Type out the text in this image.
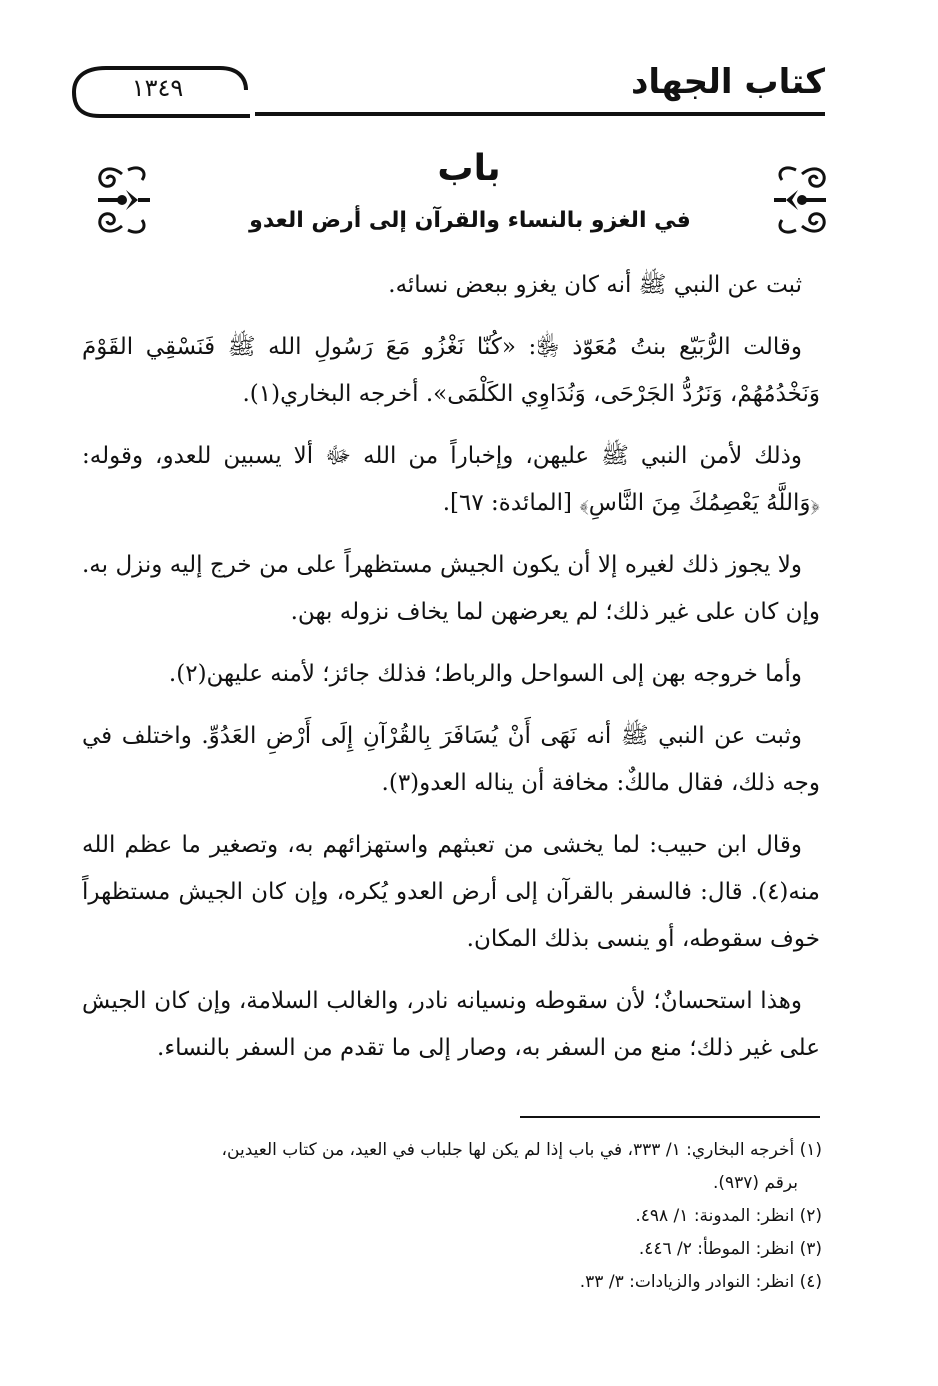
١٣٤٩	كتاب الجهاد
باب
في الغزو بالنساء والقرآن إلى أرض العدو

ثبت عن النبي ﷺ أنه كان يغزو ببعض نسائه.

وقالت الرُّبَيّع بنتُ مُعَوّذ ﵂: «كُنّا نَغْزُو مَعَ رَسُولِ الله ﷺ فَنَسْقِي القَوْمَ وَنَخْدُمُهُمْ، وَنَرُدُّ الجَرْحَى، وَنُدَاوِي الكَلْمَى». أخرجه البخاري(١).

وذلك لأمن النبي ﷺ عليهن، وإخباراً من الله ﷻ ألا يسبين للعدو، وقوله: ﴿وَاللَّهُ يَعْصِمُكَ مِنَ النَّاسِ﴾ [المائدة: ٦٧].

ولا يجوز ذلك لغيره إلا أن يكون الجيش مستظهراً على من خرج إليه ونزل به. وإن كان على غير ذلك؛ لم يعرضهن لما يخاف نزوله بهن.

وأما خروجه بهن إلى السواحل والرباط؛ فذلك جائز؛ لأمنه عليهن(٢).

وثبت عن النبي ﷺ أنه نَهَى أَنْ يُسَافَرَ بِالقُرْآنِ إِلَى أَرْضِ العَدُوِّ. واختلف في وجه ذلك، فقال مالكٌ: مخافة أن يناله العدو(٣).

وقال ابن حبيب: لما يخشى من تعبثهم واستهزائهم به، وتصغير ما عظم الله منه(٤). قال: فالسفر بالقرآن إلى أرض العدو يُكره، وإن كان الجيش مستظهراً خوف سقوطه، أو ينسى بذلك المكان.

وهذا استحسانٌ؛ لأن سقوطه ونسيانه نادر، والغالب السلامة، وإن كان الجيش على غير ذلك؛ منع من السفر به، وصار إلى ما تقدم من السفر بالنساء.

(١) أخرجه البخاري: ١/ ٣٣٣، في باب إذا لم يكن لها جلباب في العيد، من كتاب العيدين،
برقم (٩٣٧).
(٢) انظر: المدونة: ١/ ٤٩٨.
(٣) انظر: الموطأ: ٢/ ٤٤٦.
(٤) انظر: النوادر والزيادات: ٣/ ٣٣.
